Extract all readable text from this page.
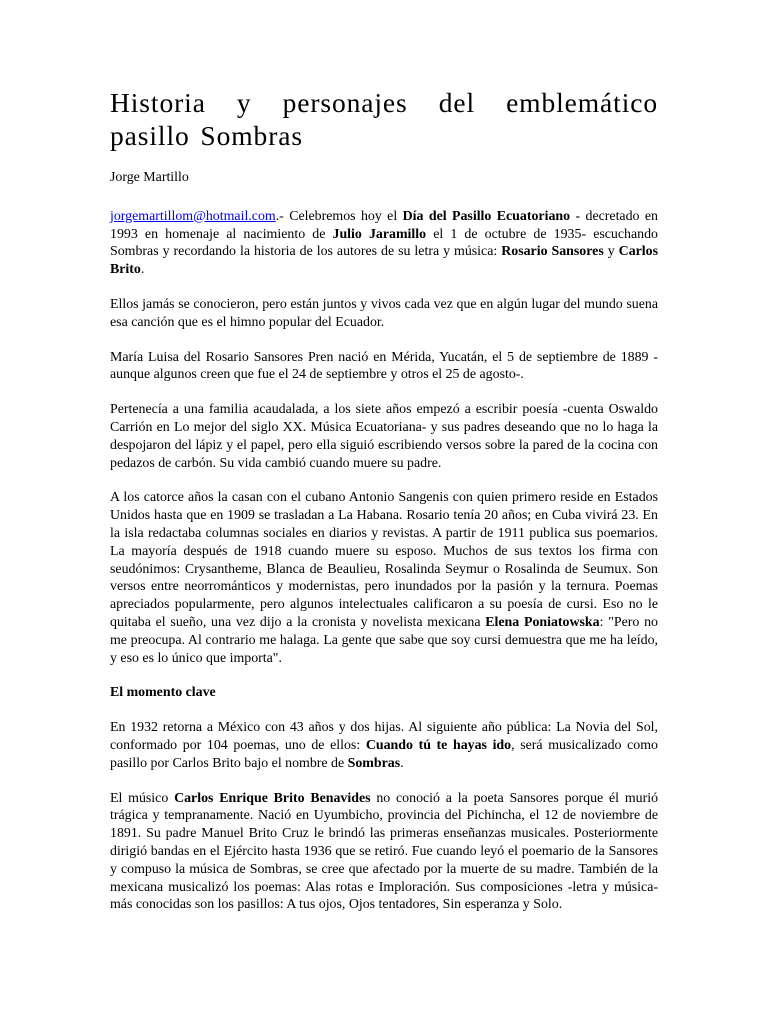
Historia y personajes del emblemático pasillo Sombras

Jorge Martillo

jorgemartillom@hotmail.com.- Celebremos hoy el Día del Pasillo Ecuatoriano - decretado en 1993 en homenaje al nacimiento de Julio Jaramillo el 1 de octubre de 1935- escuchando Sombras y recordando la historia de los autores de su letra y música: Rosario Sansores y Carlos Brito.

Ellos jamás se conocieron, pero están juntos y vivos cada vez que en algún lugar del mundo suena esa canción que es el himno popular del Ecuador.

María Luisa del Rosario Sansores Pren nació en Mérida, Yucatán, el 5 de septiembre de 1889 -aunque algunos creen que fue el 24 de septiembre y otros el 25 de agosto-.

Pertenecía a una familia acaudalada, a los siete años empezó a escribir poesía -cuenta Oswaldo Carrión en Lo mejor del siglo XX. Música Ecuatoriana- y sus padres deseando que no lo haga la despojaron del lápiz y el papel, pero ella siguió escribiendo versos sobre la pared de la cocina con pedazos de carbón. Su vida cambió cuando muere su padre.

A los catorce años la casan con el cubano Antonio Sangenis con quien primero reside en Estados Unidos hasta que en 1909 se trasladan a La Habana. Rosario tenía 20 años; en Cuba vivirá 23. En la isla redactaba columnas sociales en diarios y revistas. A partir de 1911 publica sus poemarios. La mayoría después de 1918 cuando muere su esposo. Muchos de sus textos los firma con seudónimos: Crysantheme, Blanca de Beaulieu, Rosalinda Seymur o Rosalinda de Seumux. Son versos entre neorrománticos y modernistas, pero inundados por la pasión y la ternura. Poemas apreciados popularmente, pero algunos intelectuales calificaron a su poesía de cursi. Eso no le quitaba el sueño, una vez dijo a la cronista y novelista mexicana Elena Poniatowska: "Pero no me preocupa. Al contrario me halaga. La gente que sabe que soy cursi demuestra que me ha leído, y eso es lo único que importa".

El momento clave

En 1932 retorna a México con 43 años y dos hijas. Al siguiente año pública: La Novia del Sol, conformado por 104 poemas, uno de ellos: Cuando tú te hayas ido, será musicalizado como pasillo por Carlos Brito bajo el nombre de Sombras.

El músico Carlos Enrique Brito Benavides no conoció a la poeta Sansores porque él murió trágica y tempranamente. Nació en Uyumbicho, provincia del Pichincha, el 12 de noviembre de 1891. Su padre Manuel Brito Cruz le brindó las primeras enseñanzas musicales. Posteriormente dirigió bandas en el Ejército hasta 1936 que se retiró. Fue cuando leyó el poemario de la Sansores y compuso la música de Sombras, se cree que afectado por la muerte de su madre. También de la mexicana musicalizó los poemas: Alas rotas e Imploración. Sus composiciones -letra y música- más conocidas son los pasillos: A tus ojos, Ojos tentadores, Sin esperanza y Solo.
